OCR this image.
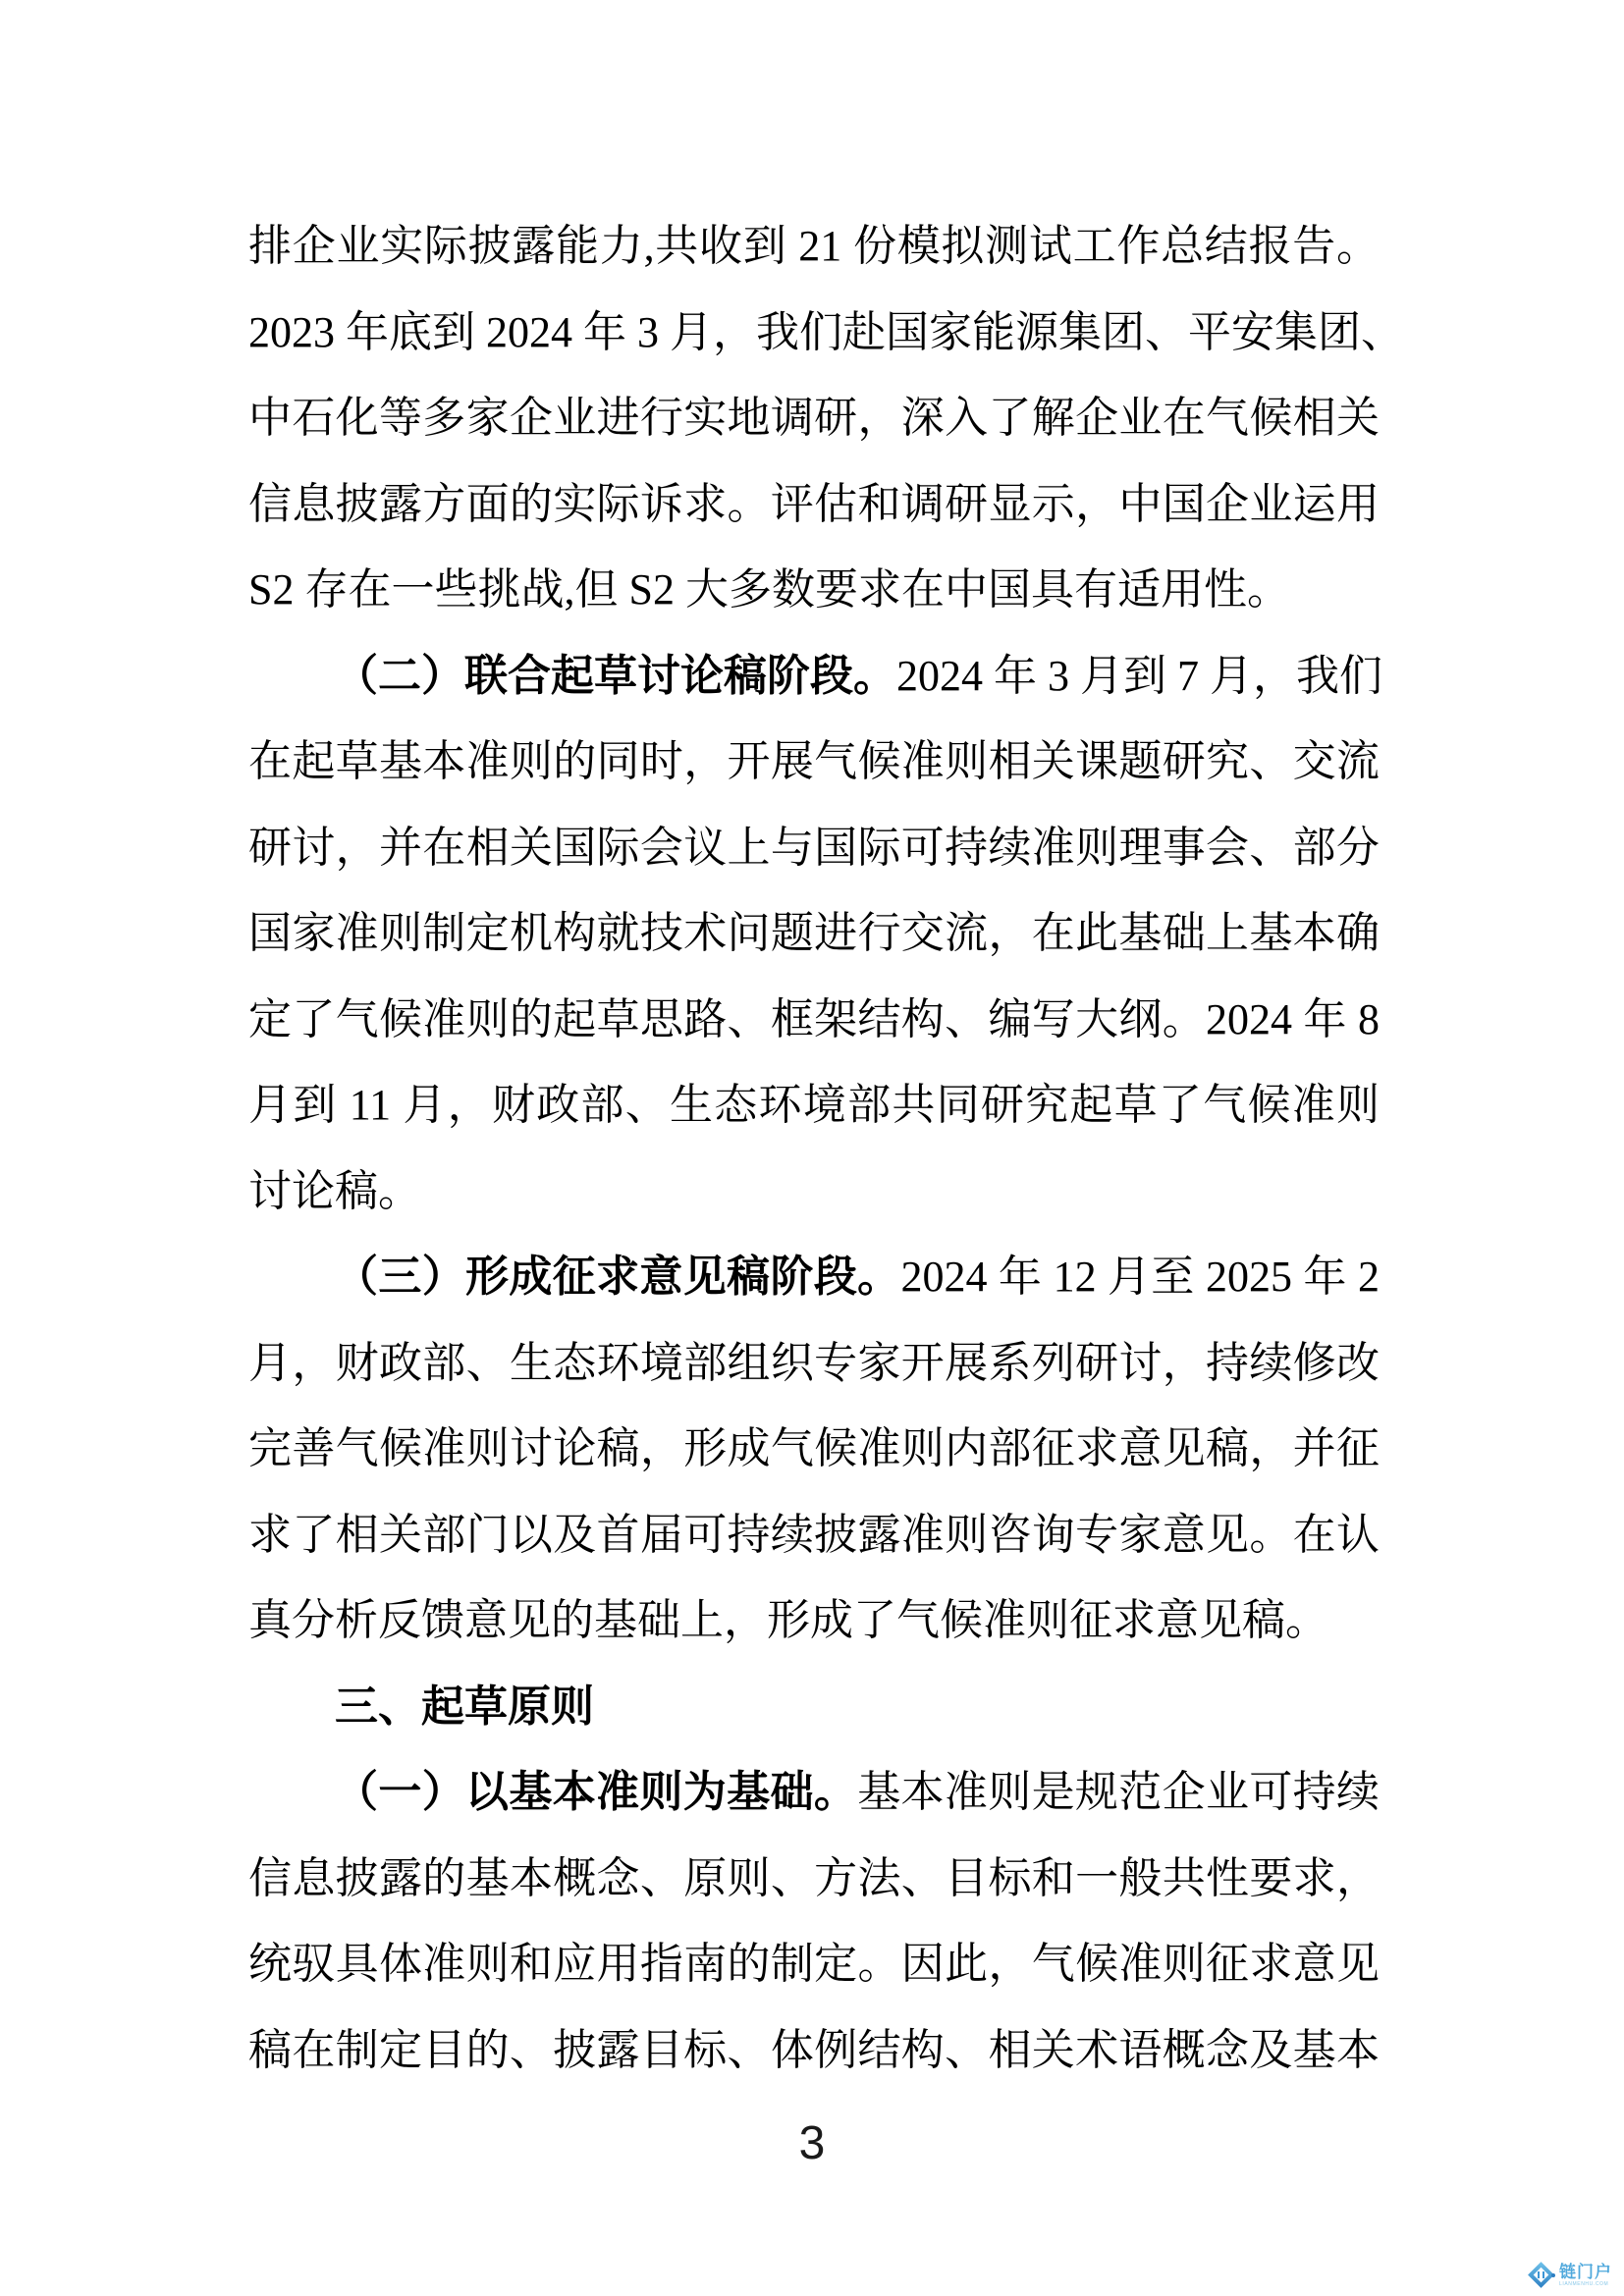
排企业实际披露能力,共收到 21 份模拟测试工作总结报告。
2023 年底到 2024 年 3 月，我们赴国家能源集团、平安集团、
中石化等多家企业进行实地调研，深入了解企业在气候相关
信息披露方面的实际诉求。评估和调研显示，中国企业运用
S2 存在一些挑战,但 S2 大多数要求在中国具有适用性。
（二）联合起草讨论稿阶段。2024 年 3 月到 7 月，我们
在起草基本准则的同时，开展气候准则相关课题研究、交流
研讨，并在相关国际会议上与国际可持续准则理事会、部分
国家准则制定机构就技术问题进行交流，在此基础上基本确
定了气候准则的起草思路、框架结构、编写大纲。2024 年 8
月到 11 月，财政部、生态环境部共同研究起草了气候准则
讨论稿。
（三）形成征求意见稿阶段。2024 年 12 月至 2025 年 2
月，财政部、生态环境部组织专家开展系列研讨，持续修改
完善气候准则讨论稿，形成气候准则内部征求意见稿，并征
求了相关部门以及首届可持续披露准则咨询专家意见。在认
真分析反馈意见的基础上，形成了气候准则征求意见稿。
三、起草原则
（一）以基本准则为基础。基本准则是规范企业可持续
信息披露的基本概念、原则、方法、目标和一般共性要求，
统驭具体准则和应用指南的制定。因此，气候准则征求意见
稿在制定目的、披露目标、体例结构、相关术语概念及基本
3
链门户
LIANMENHU.COM
